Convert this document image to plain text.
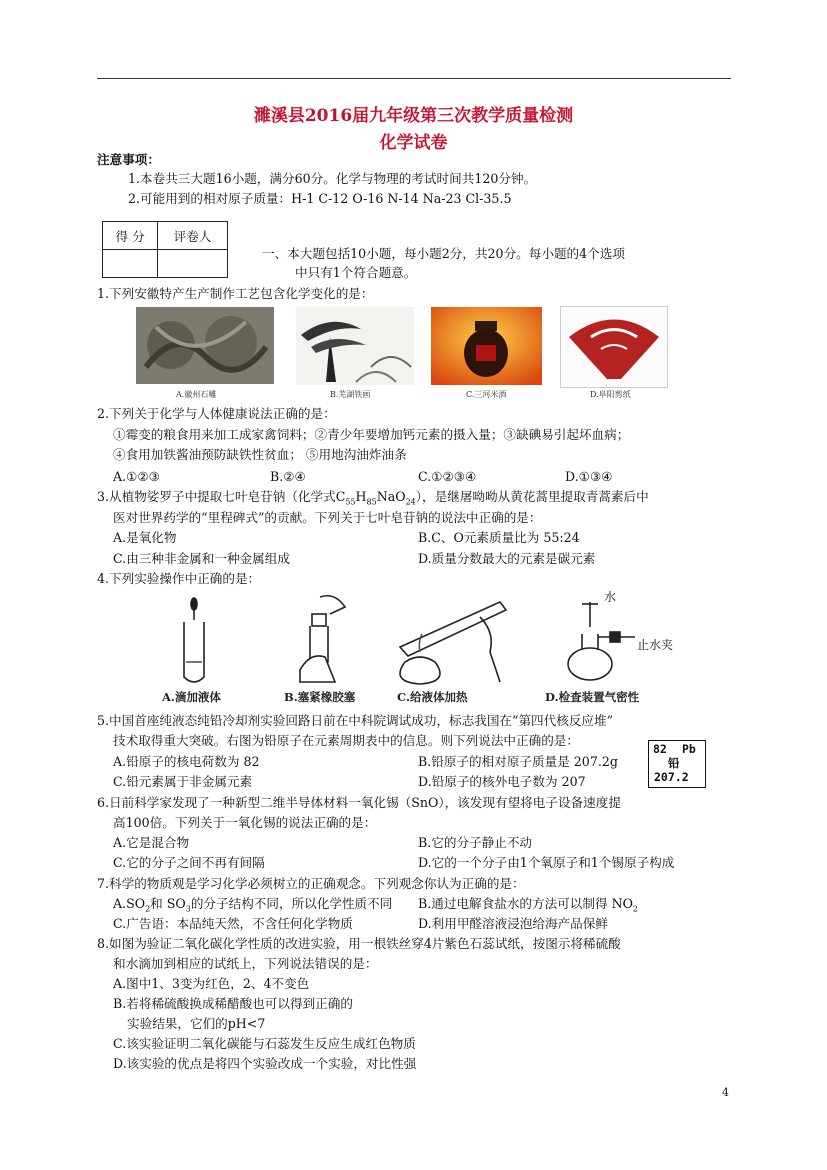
濉溪县2016届九年级第三次教学质量检测
化学试卷
注意事项：
1.本卷共三大题16小题，满分60分。化学与物理的考试时间共120分钟。
2.可能用到的相对原子质量：H-1 C-12 O-16 N-14 Na-23 Cl-35.5
得 分	评卷人

一、本大题包括10小题，每小题2分，共20分。每小题的4个选项
中只有1个符合题意。
1.下列安徽特产生产制作工艺包含化学变化的是：
A.徽州石雕	B.芜湖铁画	C.三河米酒	D.阜阳剪纸
2.下列关于化学与人体健康说法正确的是：
①霉变的粮食用来加工成家禽饲料；②青少年要增加钙元素的摄入量；③缺碘易引起坏血病；
④食用加铁酱油预防缺铁性贫血； ⑤用地沟油炸油条
A.①②③	B.②④	C.①②③④	D.①③④
3.从植物娑罗子中提取七叶皂苷钠（化学式$C_{55}H_{85}NaO_{24}$），是继屠呦呦从黄花蒿里提取青蒿素后中
医对世界药学的“里程碑式”的贡献。下列关于七叶皂苷钠的说法中正确的是：
A.是氧化物	B.C、O元素质量比为 55:24
C.由三种非金属和一种金属组成	D.质量分数最大的元素是碳元素
4.下列实验操作中正确的是：
水
止水夹
A.滴加液体	B.塞紧橡胶塞	C.给液体加热	D.检查装置气密性
5.中国首座纯液态纯铅冷却剂实验回路日前在中科院调试成功，标志我国在“第四代核反应堆”
技术取得重大突破。右图为铅原子在元素周期表中的信息。则下列说法中正确的是：
A.铅原子的核电荷数为 82	B.铅原子的相对原子质量是 207.2g
C.铅元素属于非金属元素	D.铅原子的核外电子数为 207
82 Pb
铅
207.2
6.日前科学家发现了一种新型二维半导体材料一氧化锡（SnO），该发现有望将电子设备速度提
高100倍。下列关于一氧化锡的说法正确的是：
A.它是混合物	B.它的分子静止不动
C.它的分子之间不再有间隔	D.它的一个分子由1个氧原子和1个锡原子构成
7.科学的物质观是学习化学必须树立的正确观念。下列观念你认为正确的是：
$A.SO_2$和 $SO_3$的分子结构不同，所以化学性质不同 B.通过电解食盐水的方法可以制得 $NO_2$
C.广告语：本品纯天然，不含任何化学物质	D.利用甲醛溶液浸泡给海产品保鲜
8.如图为验证二氧化碳化学性质的改进实验，用一根铁丝穿4片紫色石蕊试纸，按图示将稀硫酸
和水滴加到相应的试纸上，下列说法错误的是：
A.图中1、3变为红色，2、4不变色
B.若将稀硫酸换成稀醋酸也可以得到正确的
实验结果，它们的pH<7
C.该实验证明二氧化碳能与石蕊发生反应生成红色物质
D.该实验的优点是将四个实验改成一个实验，对比性强
4
